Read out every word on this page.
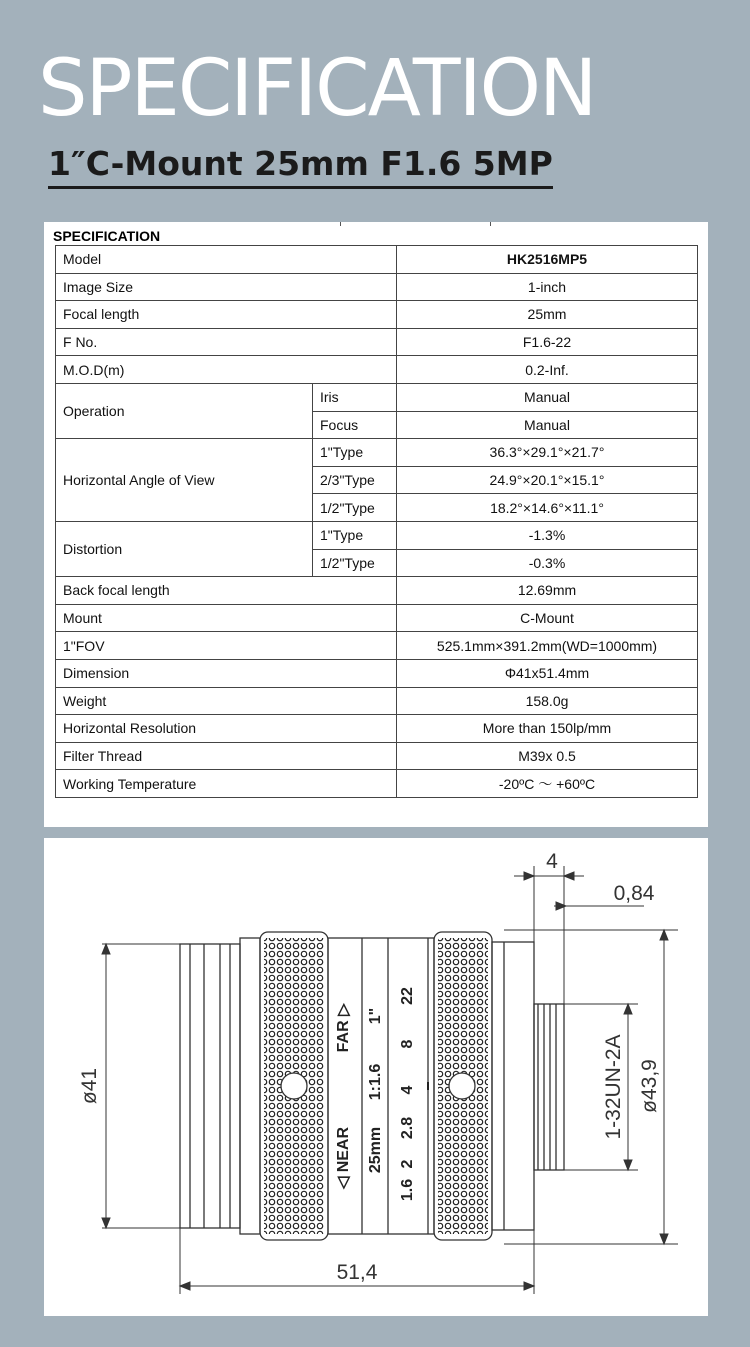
SPECIFICATION
1″C-Mount 25mm F1.6 5MP
SPECIFICATION
Model		HK2516MP5
Image Size		1-inch
Focal length		25mm
F No.		F1.6-22
M.O.D(m)		0.2-Inf.
Operation	Iris	Manual
	Focus	Manual
Horizontal Angle of View	1"Type	36.3°×29.1°×21.7°
	2/3"Type	24.9°×20.1°×15.1°
	1/2"Type	18.2°×14.6°×11.1°
Distortion	1"Type	-1.3%
	1/2"Type	-0.3%
Back focal length		12.69mm
Mount		C-Mount
1"FOV		525.1mm×391.2mm(WD=1000mm)
Dimension		Φ41x51.4mm
Weight		158.0g
Horizontal Resolution		More than 150lp/mm
Filter Thread		M39x 0.5
Working Temperature		-20ºC ～ +60ºC
FAR ▷
◁ NEAR
1"
1:1.6
25mm
22
8
4
2.8
2
1.6
ø41	ø43,9
1-32UN-2A
51,4
4
0,84
